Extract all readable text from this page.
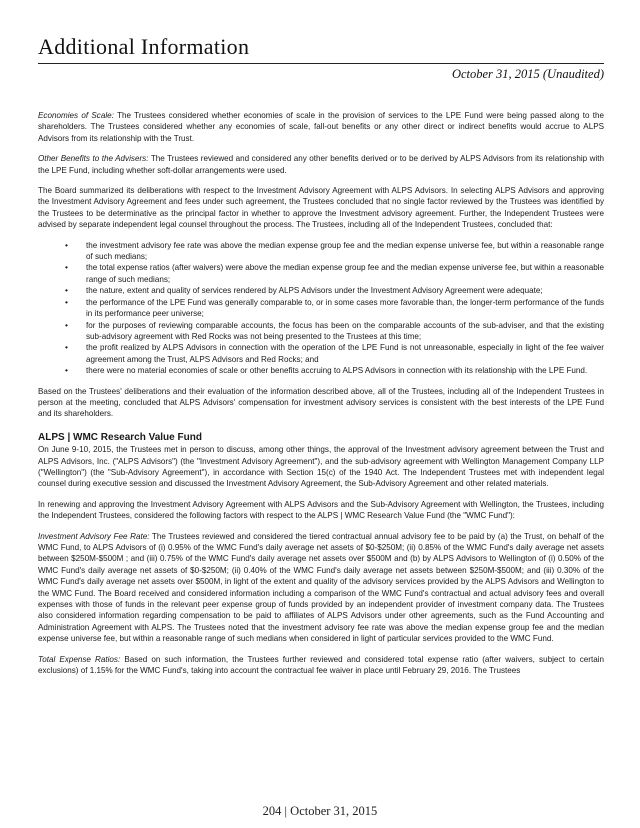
Additional Information
October 31, 2015 (Unaudited)

Economies of Scale: The Trustees considered whether economies of scale in the provision of services to the LPE Fund were being passed along to the shareholders. The Trustees considered whether any economies of scale, fall-out benefits or any other direct or indirect benefits would accrue to ALPS Advisors from its relationship with the Trust.

Other Benefits to the Advisers: The Trustees reviewed and considered any other benefits derived or to be derived by ALPS Advisors from its relationship with the LPE Fund, including whether soft-dollar arrangements were used.

The Board summarized its deliberations with respect to the Investment Advisory Agreement with ALPS Advisors. In selecting ALPS Advisors and approving the Investment Advisory Agreement and fees under such agreement, the Trustees concluded that no single factor reviewed by the Trustees was identified by the Trustees to be determinative as the principal factor in whether to approve the Investment advisory agreement. Further, the Independent Trustees were advised by separate independent legal counsel throughout the process. The Trustees, including all of the Independent Trustees, concluded that:

• the investment advisory fee rate was above the median expense group fee and the median expense universe fee, but within a reasonable range of such medians;
• the total expense ratios (after waivers) were above the median expense group fee and the median expense universe fee, but within a reasonable range of such medians;
• the nature, extent and quality of services rendered by ALPS Advisors under the Investment Advisory Agreement were adequate;
• the performance of the LPE Fund was generally comparable to, or in some cases more favorable than, the longer-term performance of the funds in its performance peer universe;
• for the purposes of reviewing comparable accounts, the focus has been on the comparable accounts of the sub-adviser, and that the existing sub-advisory agreement with Red Rocks was not being presented to the Trustees at this time;
• the profit realized by ALPS Advisors in connection with the operation of the LPE Fund is not unreasonable, especially in light of the fee waiver agreement among the Trust, ALPS Advisors and Red Rocks; and
• there were no material economies of scale or other benefits accruing to ALPS Advisors in connection with its relationship with the LPE Fund.

Based on the Trustees' deliberations and their evaluation of the information described above, all of the Trustees, including all of the Independent Trustees in person at the meeting, concluded that ALPS Advisors' compensation for investment advisory services is consistent with the best interests of the LPE Fund and its shareholders.

ALPS | WMC Research Value Fund

On June 9-10, 2015, the Trustees met in person to discuss, among other things, the approval of the Investment advisory agreement between the Trust and ALPS Advisors, Inc. ("ALPS Advisors") (the "Investment Advisory Agreement"), and the sub-advisory agreement with Wellington Management Company LLP ("Wellington") (the "Sub-Advisory Agreement"), in accordance with Section 15(c) of the 1940 Act. The Independent Trustees met with independent legal counsel during executive session and discussed the Investment Advisory Agreement, the Sub-Advisory Agreement and other related materials.

In renewing and approving the Investment Advisory Agreement with ALPS Advisors and the Sub-Advisory Agreement with Wellington, the Trustees, including the Independent Trustees, considered the following factors with respect to the ALPS | WMC Research Value Fund (the "WMC Fund"):

Investment Advisory Fee Rate: The Trustees reviewed and considered the tiered contractual annual advisory fee to be paid by (a) the Trust, on behalf of the WMC Fund, to ALPS Advisors of (i) 0.95% of the WMC Fund's daily average net assets of $0-$250M; (ii) 0.85% of the WMC Fund's daily average net assets between $250M-$500M ; and (iii) 0.75% of the WMC Fund's daily average net assets over $500M and (b) by ALPS Advisors to Wellington of (i) 0.50% of the WMC Fund's daily average net assets of $0-$250M; (ii) 0.40% of the WMC Fund's daily average net assets between $250M-$500M; and (iii) 0.30% of the WMC Fund's daily average net assets over $500M, in light of the extent and quality of the advisory services provided by the ALPS Advisors and Wellington to the WMC Fund. The Board received and considered information including a comparison of the WMC Fund's contractual and actual advisory fees and overall expenses with those of funds in the relevant peer expense group of funds provided by an independent provider of investment company data. The Trustees also considered information regarding compensation to be paid to affiliates of ALPS Advisors under other agreements, such as the Fund Accounting and Administration Agreement with ALPS. The Trustees noted that the investment advisory fee rate was above the median expense group fee and the median expense universe fee, but within a reasonable range of such medians when considered in light of particular services provided to the WMC Fund.

Total Expense Ratios: Based on such information, the Trustees further reviewed and considered total expense ratio (after waivers, subject to certain exclusions) of 1.15% for the WMC Fund's, taking into account the contractual fee waiver in place until February 29, 2016. The Trustees

204 | October 31, 2015
